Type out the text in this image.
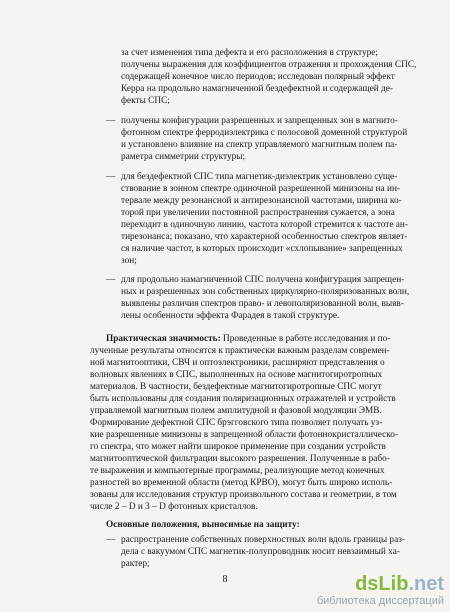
за счет изменения типа дефекта и его расположения в структуре;
получены выражения для коэффициентов отражения и прохождения СПС,
содержащей конечное число периодов; исследован полярный эффект
Керра на продольно намагниченной бездефектной и содержащей де-
фекты СПС;
— получены конфигурации разрешенных и запрещенных зон в магнито-
фотонном спектре ферродиэлектрика с полосовой доменной структурой
и установлено влияние на спектр управляемого магнитным полем па-
раметра симметрии структуры;
— для бездефектной СПС типа магнетик-диэлектрик установлено суще-
ствование в зонном спектре одиночной разрешенной минизоны на ин-
тервале между резонансной и антирезонансной частотами, ширина ко-
торой при увеличении постоянной распространения сужается, а зона
переходит в одиночную линию, частота которой стремится к частоте ан-
тирезонанса; показано, что характерной особенностью спектров являет-
ся наличие частот, в которых происходит «схлопывание» запрещенных
зон;
— для продольно намагниченной СПС получена конфигурация запрещен-
ных и разрешенных зон собственных циркулярно-поляризованных волн,
выявлены различия спектров право- и левополяризованной волн, выяв-
лены особенности эффекта Фарадея в такой структуре.
Практическая значимость: Проведенные в работе исследования и по-
лученные результаты относятся к практически важным разделам современ-
ной магнитооптики, СВЧ и оптоэлектроники, расширяют представления о
волновых явлениях в СПС, выполненных на основе магнитогиротропных
материалов. В частности, бездефектные магнитогиротропные СПС могут
быть использованы для создания поляризационных отражателей и устройств
управляемой магнитным полем амплитудной и фазовой модуляции ЭМВ.
Формирование дефектной СПС брэгговского типа позволяет получать уз-
кие разрешенные минизоны в запрещенной области фотоннокристаллическо-
го спектра, что может найти широкое применение при создании устройств
магнитооптической фильтрации высокого разрешения. Полученные в рабо-
те выражения и компьютерные программы, реализующие метод конечных
разностей во временной области (метод КРВО), могут быть широко исполь-
зованы для исследования структур произвольного состава и геометрии, в том
числе 2 – D и 3 – D фотонных кристаллов.
Основные положения, выносимые на защиту:
— распространение собственных поверхностных волн вдоль границы раз-
дела с вакуумом СПС магнетик-полупроводник носит невзаимный ха-
рактер;
8	dsLib.net
библиотека диссертаций
